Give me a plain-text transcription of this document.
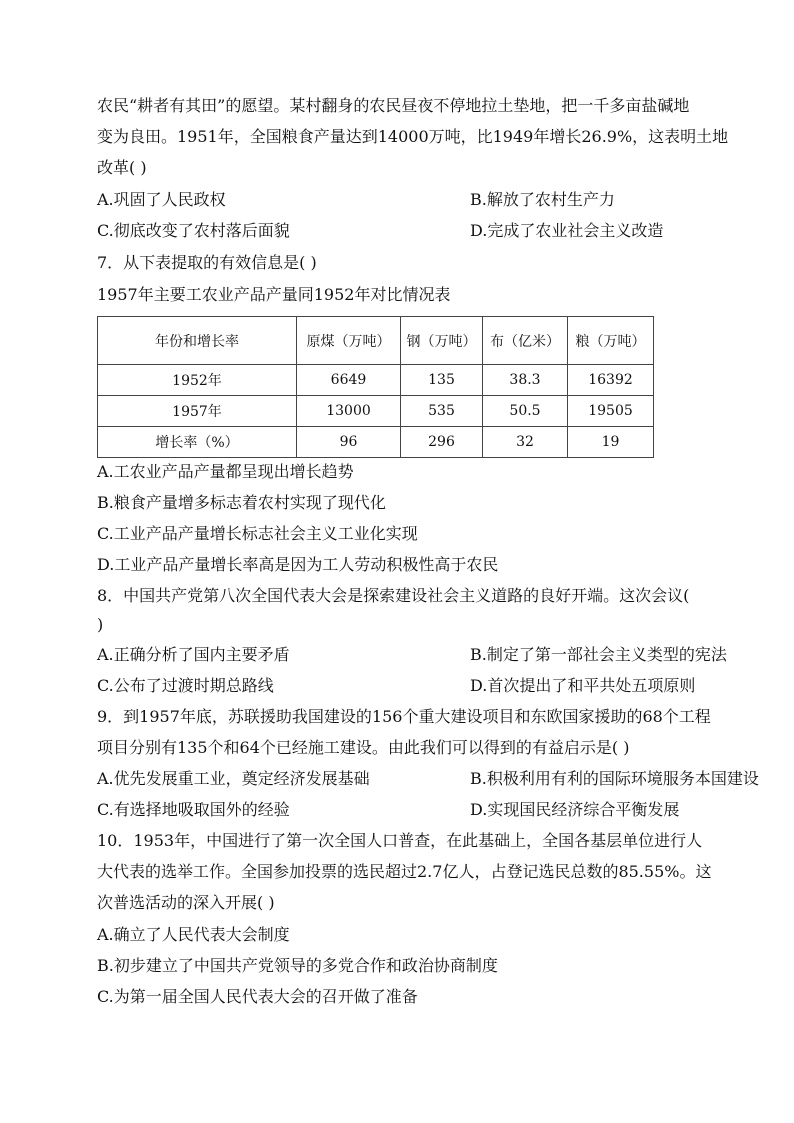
农民“耕者有其田”的愿望。某村翻身的农民昼夜不停地拉土垫地，把一千多亩盐碱地
变为良田。1951年，全国粮食产量达到14000万吨，比1949年增长26.9%，这表明土地
改革( )
A.巩固了人民政权	B.解放了农村生产力
C.彻底改变了农村落后面貌	D.完成了农业社会主义改造
7．从下表提取的有效信息是( )
1957年主要工农业产品产量同1952年对比情况表
年份和增长率	原煤（万吨）	钢（万吨）	布（亿米）	粮（万吨）
1952年	6649	135	38.3	16392
1957年	13000	535	50.5	19505
增长率（%）	96	296	32	19
A.工农业产品产量都呈现出增长趋势
B.粮食产量增多标志着农村实现了现代化
C.工业产品产量增长标志社会主义工业化实现
D.工业产品产量增长率高是因为工人劳动积极性高于农民
8．中国共产党第八次全国代表大会是探索建设社会主义道路的良好开端。这次会议(
)
A.正确分析了国内主要矛盾	B.制定了第一部社会主义类型的宪法
C.公布了过渡时期总路线	D.首次提出了和平共处五项原则
9．到1957年底，苏联援助我国建设的156个重大建设项目和东欧国家援助的68个工程
项目分别有135个和64个已经施工建设。由此我们可以得到的有益启示是( )
A.优先发展重工业，奠定经济发展基础	B.积极利用有利的国际环境服务本国建设
C.有选择地吸取国外的经验	D.实现国民经济综合平衡发展
10．1953年，中国进行了第一次全国人口普查，在此基础上，全国各基层单位进行人
大代表的选举工作。全国参加投票的选民超过2.7亿人，占登记选民总数的85.55%。这
次普选活动的深入开展( )
A.确立了人民代表大会制度
B.初步建立了中国共产党领导的多党合作和政治协商制度
C.为第一届全国人民代表大会的召开做了准备
